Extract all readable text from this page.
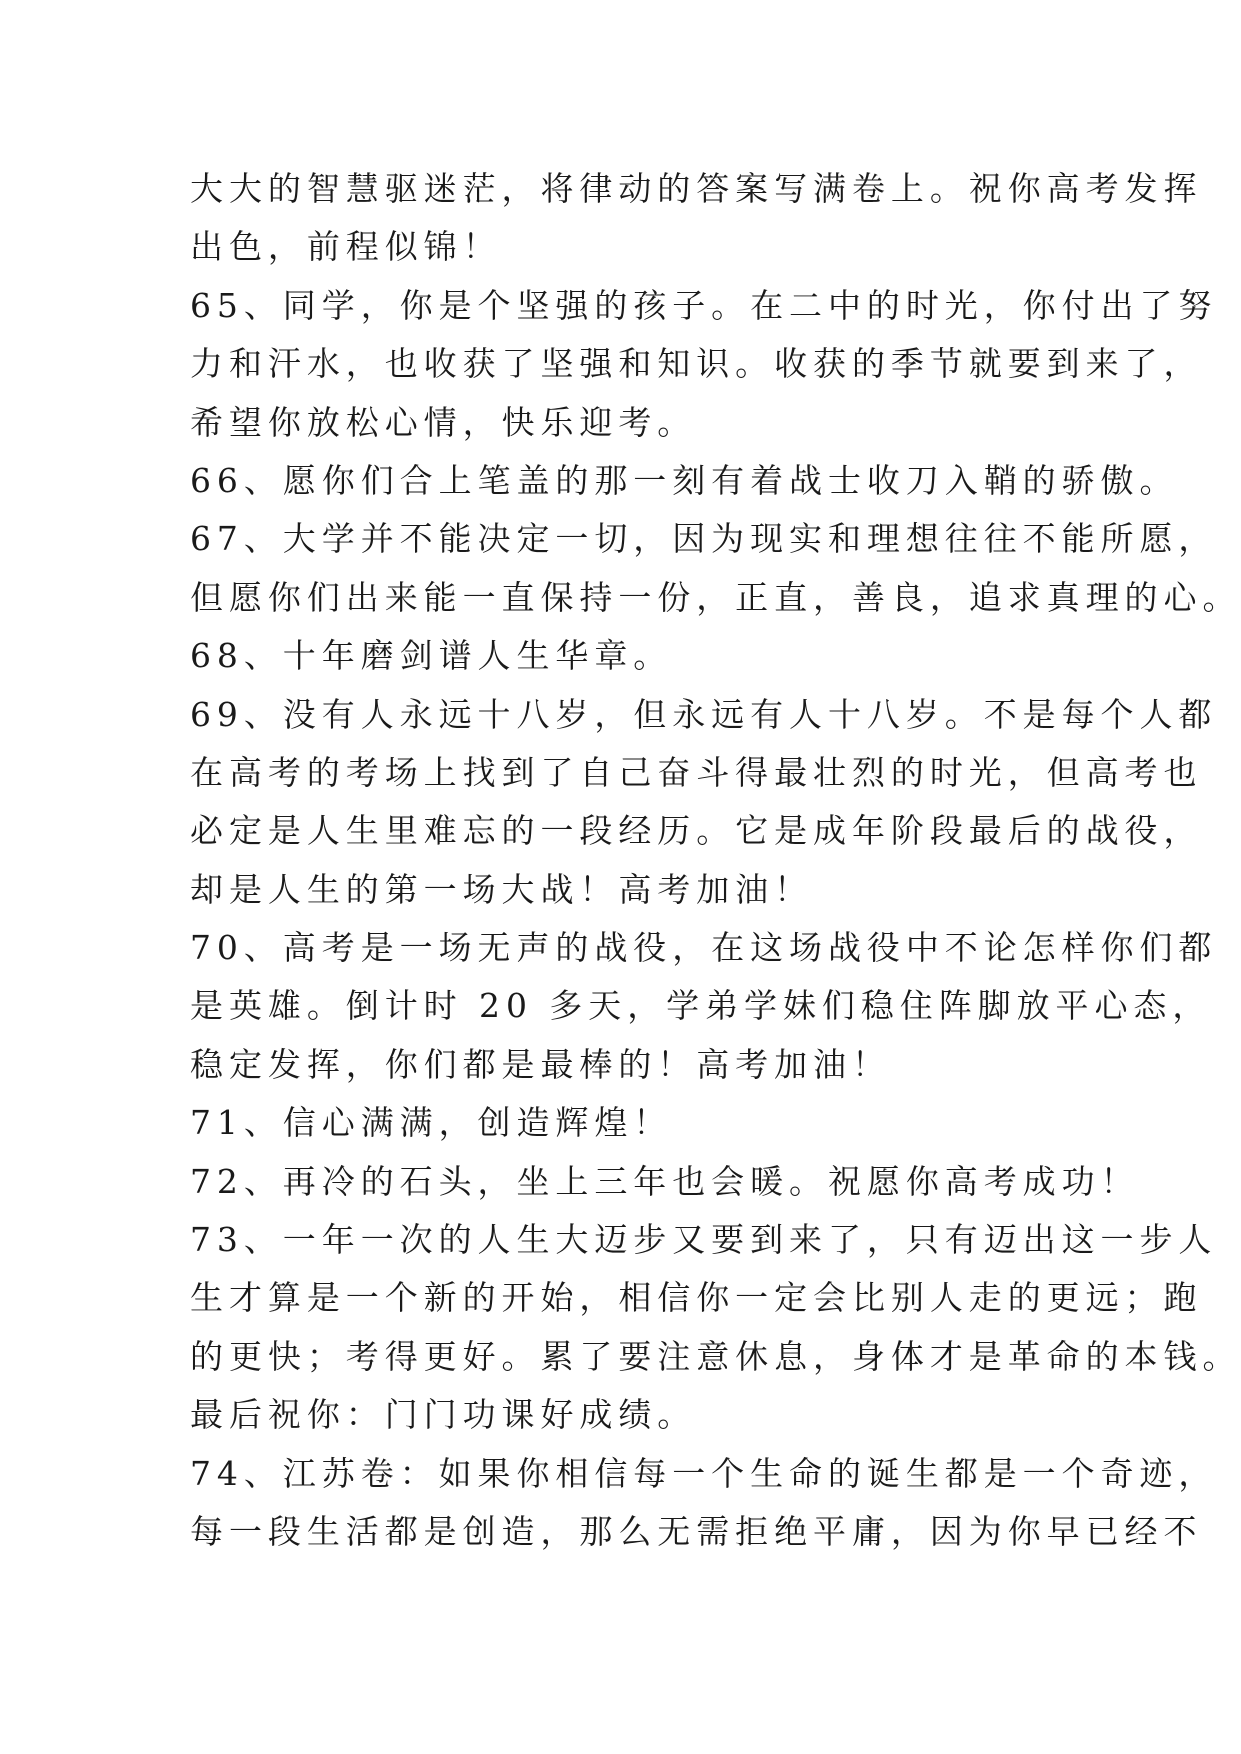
大大的智慧驱迷茫，将律动的答案写满卷上。祝你高考发挥
出色，前程似锦！
65、同学，你是个坚强的孩子。在二中的时光，你付出了努
力和汗水，也收获了坚强和知识。收获的季节就要到来了，
希望你放松心情，快乐迎考。
66、愿你们合上笔盖的那一刻有着战士收刀入鞘的骄傲。
67、大学并不能决定一切，因为现实和理想往往不能所愿，
但愿你们出来能一直保持一份，正直，善良，追求真理的心。
68、十年磨剑谱人生华章。
69、没有人永远十八岁，但永远有人十八岁。不是每个人都
在高考的考场上找到了自己奋斗得最壮烈的时光，但高考也
必定是人生里难忘的一段经历。它是成年阶段最后的战役，
却是人生的第一场大战！高考加油！
70、高考是一场无声的战役，在这场战役中不论怎样你们都
是英雄。倒计时 20 多天，学弟学妹们稳住阵脚放平心态，
稳定发挥，你们都是最棒的！高考加油！
71、信心满满，创造辉煌！
72、再冷的石头，坐上三年也会暖。祝愿你高考成功！
73、一年一次的人生大迈步又要到来了，只有迈出这一步人
生才算是一个新的开始，相信你一定会比别人走的更远；跑
的更快；考得更好。累了要注意休息，身体才是革命的本钱。
最后祝你：门门功课好成绩。
74、江苏卷：如果你相信每一个生命的诞生都是一个奇迹，
每一段生活都是创造，那么无需拒绝平庸，因为你早已经不
